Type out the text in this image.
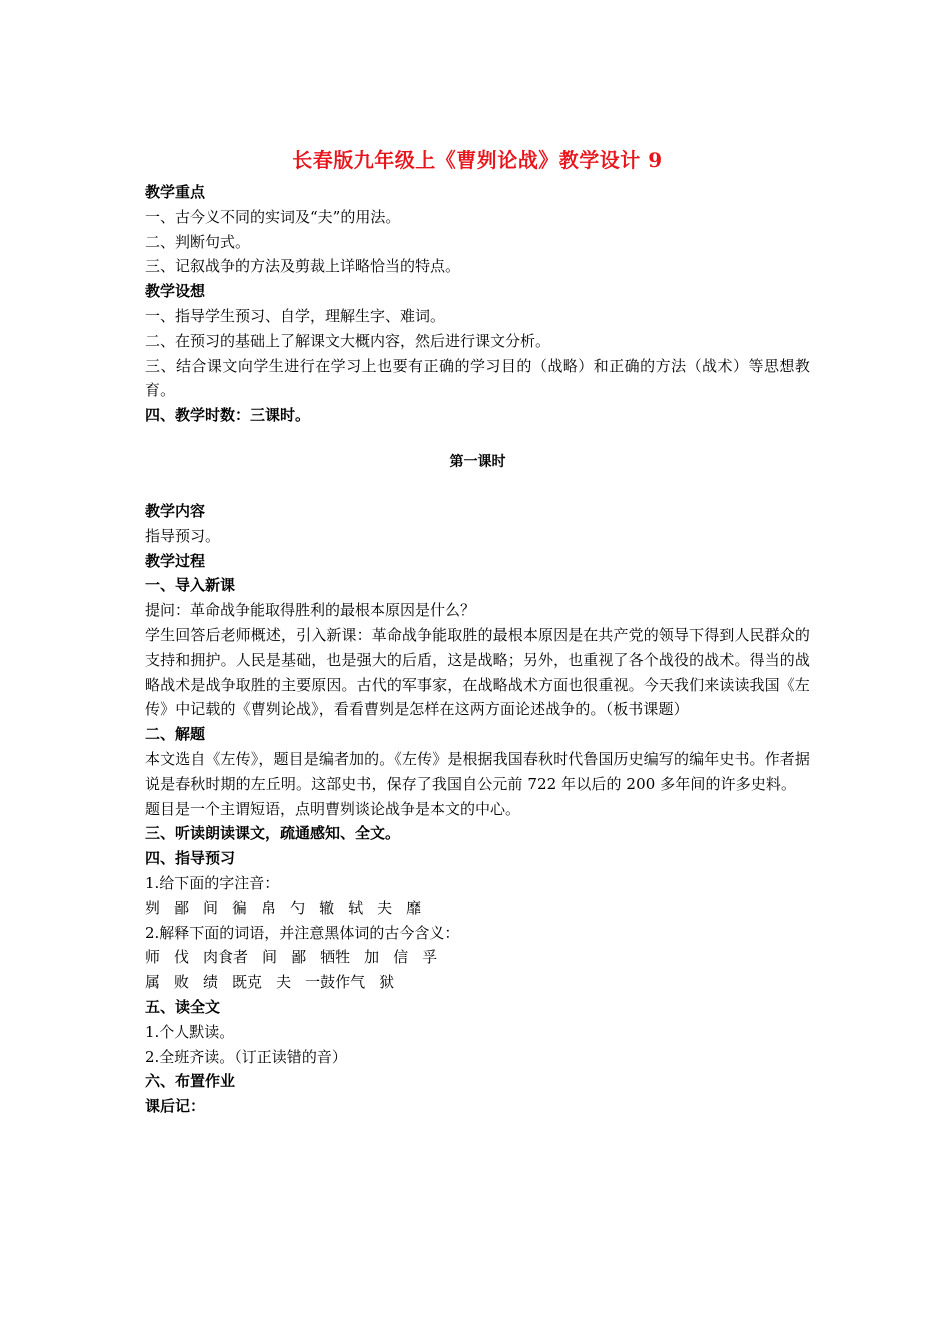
长春版九年级上《曹刿论战》教学设计 9

教学重点

一、古今义不同的实词及“夫”的用法。

二、判断句式。

三、记叙战争的方法及剪裁上详略恰当的特点。

教学设想

一、指导学生预习、自学，理解生字、难词。

二、在预习的基础上了解课文大概内容，然后进行课文分析。

三、结合课文向学生进行在学习上也要有正确的学习目的（战略）和正确的方法（战术）等思想教育。

四、教学时数：三课时。

第一课时

教学内容

指导预习。

教学过程

一、导入新课

提问：革命战争能取得胜利的最根本原因是什么？

学生回答后老师概述，引入新课：革命战争能取胜的最根本原因是在共产党的领导下得到人民群众的支持和拥护。人民是基础，也是强大的后盾，这是战略；另外，也重视了各个战役的战术。得当的战略战术是战争取胜的主要原因。古代的军事家，在战略战术方面也很重视。今天我们来读读我国《左传》中记载的《曹刿论战》，看看曹刿是怎样在这两方面论述战争的。（板书课题）

二、解题

本文选自《左传》，题目是编者加的。《左传》是根据我国春秋时代鲁国历史编写的编年史书。作者据说是春秋时期的左丘明。这部史书，保存了我国自公元前 722 年以后的 200 多年间的许多史料。

题目是一个主谓短语，点明曹刿谈论战争是本文的中心。

三、听读朗读课文，疏通感知、全文。

四、指导预习

1.给下面的字注音：

刿 鄙 间 徧 帛 勺 辙 轼 夫 靡

2.解释下面的词语，并注意黑体词的古今含义：

师 伐 肉食者 间 鄙 牺牲 加 信 孚

属 败 绩 既克 夫 一鼓作气 狱

五、读全文

1.个人默读。

2.全班齐读。（订正读错的音）

六、布置作业

课后记：
